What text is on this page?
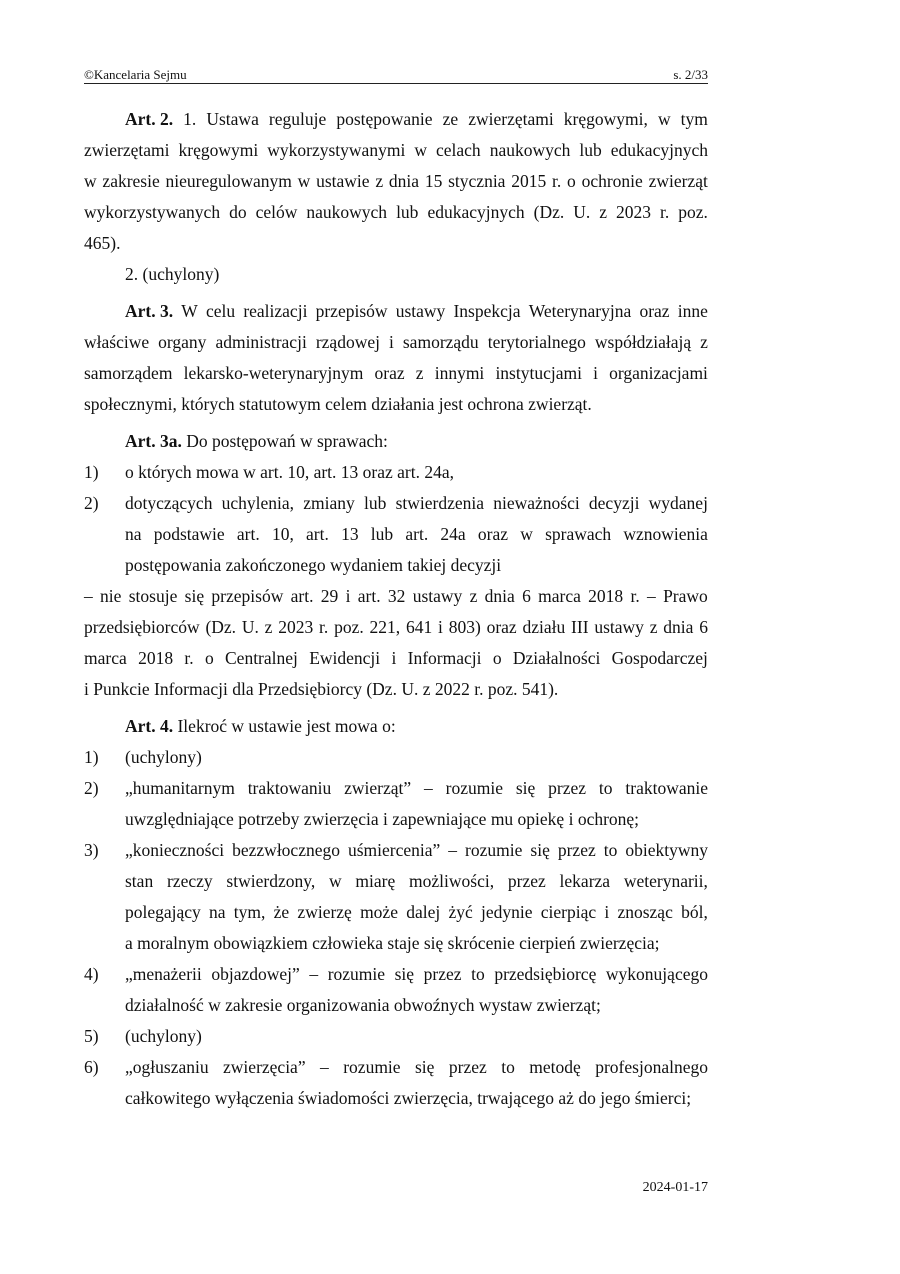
©Kancelaria Sejmu	s. 2/33
Art. 2. 1. Ustawa reguluje postępowanie ze zwierzętami kręgowymi, w tym
zwierzętami kręgowymi wykorzystywanymi w celach naukowych lub edukacyjnych
w zakresie nieuregulowanym w ustawie z dnia 15 stycznia 2015 r. o ochronie zwierząt
wykorzystywanych do celów naukowych lub edukacyjnych (Dz. U. z 2023 r. poz.
465).
2. (uchylony)
Art. 3. W celu realizacji przepisów ustawy Inspekcja Weterynaryjna oraz inne
właściwe organy administracji rządowej i samorządu terytorialnego współdziałają z
samorządem lekarsko-weterynaryjnym oraz z innymi instytucjami i organizacjami
społecznymi, których statutowym celem działania jest ochrona zwierząt.
Art. 3a. Do postępowań w sprawach:
1) o których mowa w art. 10, art. 13 oraz art. 24a,
2) dotyczących uchylenia, zmiany lub stwierdzenia nieważności decyzji wydanej
na podstawie art. 10, art. 13 lub art. 24a oraz w sprawach wznowienia
postępowania zakończonego wydaniem takiej decyzji
– nie stosuje się przepisów art. 29 i art. 32 ustawy z dnia 6 marca 2018 r. – Prawo
przedsiębiorców (Dz. U. z 2023 r. poz. 221, 641 i 803) oraz działu III ustawy z dnia 6
marca 2018 r. o Centralnej Ewidencji i Informacji o Działalności Gospodarczej
i Punkcie Informacji dla Przedsiębiorcy (Dz. U. z 2022 r. poz. 541).
Art. 4. Ilekroć w ustawie jest mowa o:
1) (uchylony)
2) „humanitarnym traktowaniu zwierząt” – rozumie się przez to traktowanie
uwzględniające potrzeby zwierzęcia i zapewniające mu opiekę i ochronę;
3) „konieczności bezzwłocznego uśmiercenia” – rozumie się przez to obiektywny
stan rzeczy stwierdzony, w miarę możliwości, przez lekarza weterynarii,
polegający na tym, że zwierzę może dalej żyć jedynie cierpiąc i znosząc ból,
a moralnym obowiązkiem człowieka staje się skrócenie cierpień zwierzęcia;
4) „menażerii objazdowej” – rozumie się przez to przedsiębiorcę wykonującego
działalność w zakresie organizowania obwoźnych wystaw zwierząt;
5) (uchylony)
6) „ogłuszaniu zwierzęcia” – rozumie się przez to metodę profesjonalnego
całkowitego wyłączenia świadomości zwierzęcia, trwającego aż do jego śmierci;
2024-01-17
